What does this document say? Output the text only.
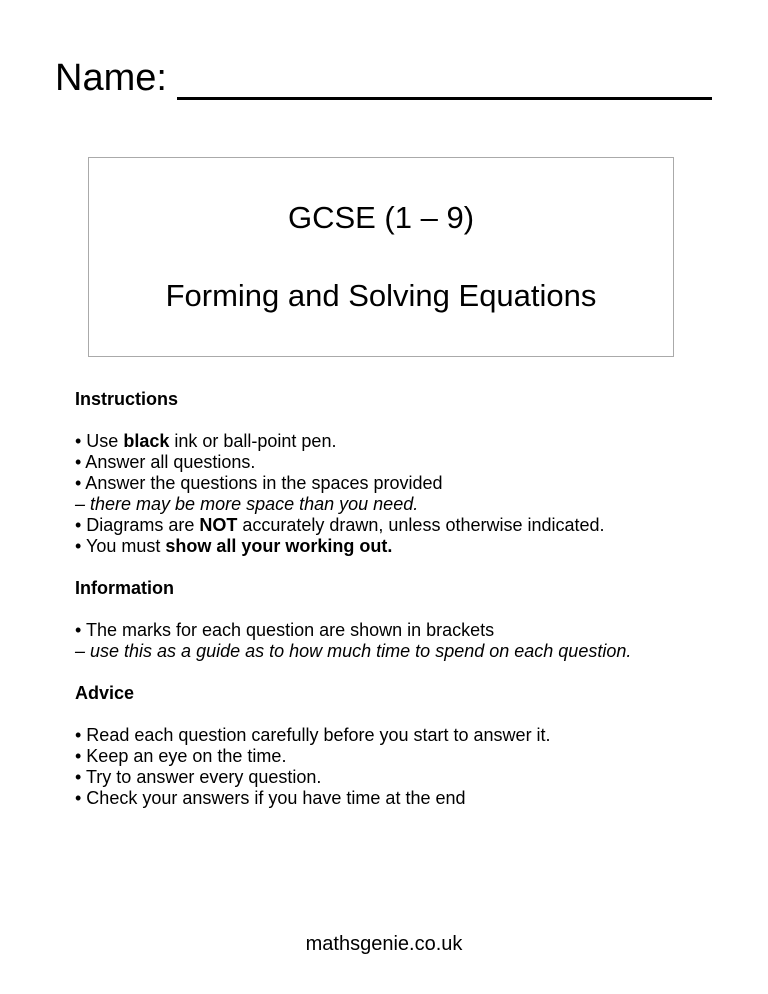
Name:
GCSE (1 – 9)
Forming and Solving Equations
Instructions

• Use black ink or ball-point pen.

• Answer all questions.

• Answer the questions in the spaces provided

– there may be more space than you need.

• Diagrams are NOT accurately drawn, unless otherwise indicated.

• You must show all your working out.

Information

• The marks for each question are shown in brackets

– use this as a guide as to how much time to spend on each question.

Advice

• Read each question carefully before you start to answer it.

• Keep an eye on the time.

• Try to answer every question.

• Check your answers if you have time at the end

mathsgenie.co.uk
